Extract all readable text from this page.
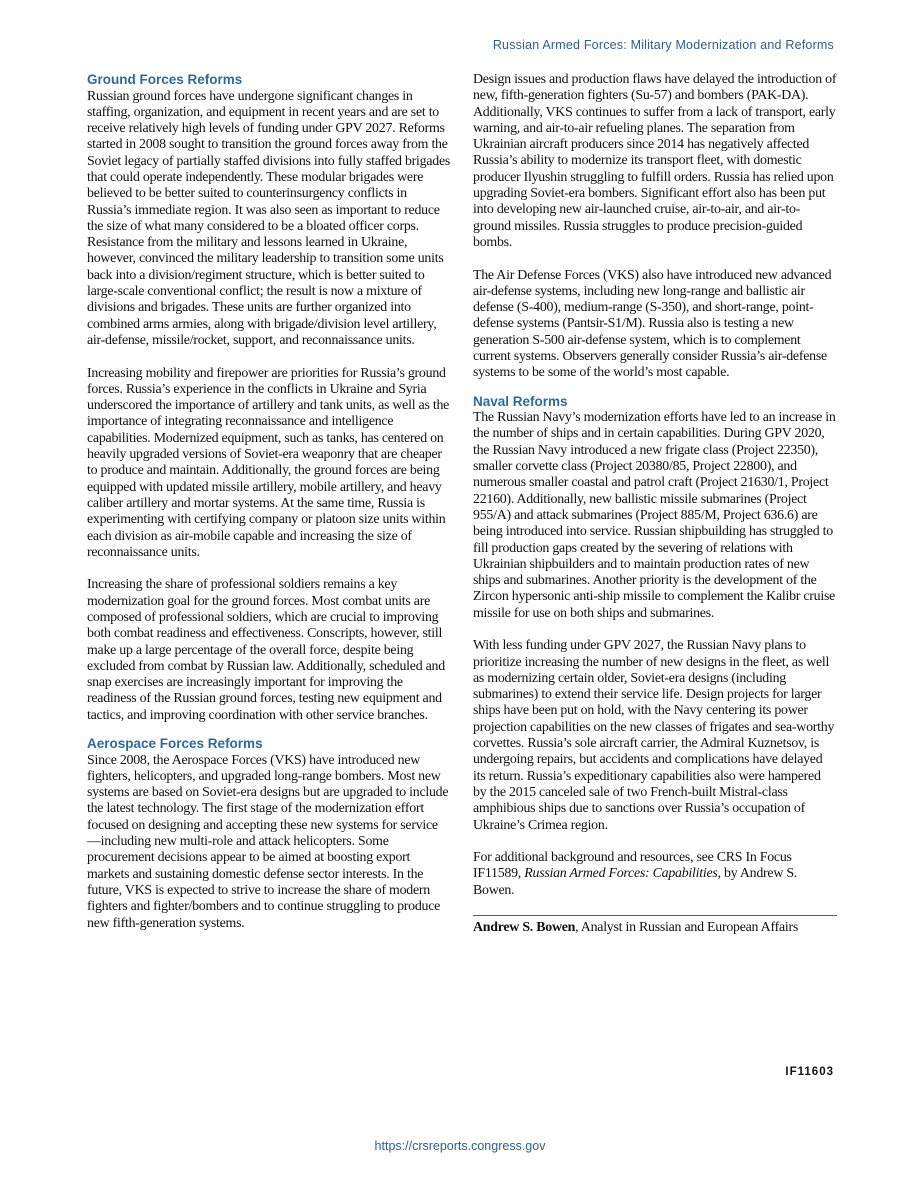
Russian Armed Forces: Military Modernization and Reforms
Ground Forces Reforms

Russian ground forces have undergone significant changes in staffing, organization, and equipment in recent years and are set to receive relatively high levels of funding under GPV 2027. Reforms started in 2008 sought to transition the ground forces away from the Soviet legacy of partially staffed divisions into fully staffed brigades that could operate independently. These modular brigades were believed to be better suited to counterinsurgency conflicts in Russia’s immediate region. It was also seen as important to reduce the size of what many considered to be a bloated officer corps. Resistance from the military and lessons learned in Ukraine, however, convinced the military leadership to transition some units back into a division/regiment structure, which is better suited to large-scale conventional conflict; the result is now a mixture of divisions and brigades. These units are further organized into combined arms armies, along with brigade/division level artillery, air-defense, missile/rocket, support, and reconnaissance units.

Increasing mobility and firepower are priorities for Russia’s ground forces. Russia’s experience in the conflicts in Ukraine and Syria underscored the importance of artillery and tank units, as well as the importance of integrating reconnaissance and intelligence capabilities. Modernized equipment, such as tanks, has centered on heavily upgraded versions of Soviet-era weaponry that are cheaper to produce and maintain. Additionally, the ground forces are being equipped with updated missile artillery, mobile artillery, and heavy caliber artillery and mortar systems. At the same time, Russia is experimenting with certifying company or platoon size units within each division as air-mobile capable and increasing the size of reconnaissance units.

Increasing the share of professional soldiers remains a key modernization goal for the ground forces. Most combat units are composed of professional soldiers, which are crucial to improving both combat readiness and effectiveness. Conscripts, however, still make up a large percentage of the overall force, despite being excluded from combat by Russian law. Additionally, scheduled and snap exercises are increasingly important for improving the readiness of the Russian ground forces, testing new equipment and tactics, and improving coordination with other service branches.

Aerospace Forces Reforms

Since 2008, the Aerospace Forces (VKS) have introduced new fighters, helicopters, and upgraded long-range bombers. Most new systems are based on Soviet-era designs but are upgraded to include the latest technology. The first stage of the modernization effort focused on designing and accepting these new systems for service—including new multi-role and attack helicopters. Some procurement decisions appear to be aimed at boosting export markets and sustaining domestic defense sector interests. In the future, VKS is expected to strive to increase the share of modern fighters and fighter/bombers and to continue struggling to produce new fifth-generation systems.

Design issues and production flaws have delayed the introduction of new, fifth-generation fighters (Su-57) and bombers (PAK-DA). Additionally, VKS continues to suffer from a lack of transport, early warning, and air-to-air refueling planes. The separation from Ukrainian aircraft producers since 2014 has negatively affected Russia’s ability to modernize its transport fleet, with domestic producer Ilyushin struggling to fulfill orders. Russia has relied upon upgrading Soviet-era bombers. Significant effort also has been put into developing new air-launched cruise, air-to-air, and air-to-ground missiles. Russia struggles to produce precision-guided bombs.

The Air Defense Forces (VKS) also have introduced new advanced air-defense systems, including new long-range and ballistic air defense (S-400), medium-range (S-350), and short-range, point-defense systems (Pantsir-S1/M). Russia also is testing a new generation S-500 air-defense system, which is to complement current systems. Observers generally consider Russia’s air-defense systems to be some of the world’s most capable.

Naval Reforms

The Russian Navy’s modernization efforts have led to an increase in the number of ships and in certain capabilities. During GPV 2020, the Russian Navy introduced a new frigate class (Project 22350), smaller corvette class (Project 20380/85, Project 22800), and numerous smaller coastal and patrol craft (Project 21630/1, Project 22160). Additionally, new ballistic missile submarines (Project 955/A) and attack submarines (Project 885/M, Project 636.6) are being introduced into service. Russian shipbuilding has struggled to fill production gaps created by the severing of relations with Ukrainian shipbuilders and to maintain production rates of new ships and submarines. Another priority is the development of the Zircon hypersonic anti-ship missile to complement the Kalibr cruise missile for use on both ships and submarines.

With less funding under GPV 2027, the Russian Navy plans to prioritize increasing the number of new designs in the fleet, as well as modernizing certain older, Soviet-era designs (including submarines) to extend their service life. Design projects for larger ships have been put on hold, with the Navy centering its power projection capabilities on the new classes of frigates and sea-worthy corvettes. Russia’s sole aircraft carrier, the Admiral Kuznetsov, is undergoing repairs, but accidents and complications have delayed its return. Russia’s expeditionary capabilities also were hampered by the 2015 canceled sale of two French-built Mistral-class amphibious ships due to sanctions over Russia’s occupation of Ukraine’s Crimea region.

For additional background and resources, see CRS In Focus IF11589, Russian Armed Forces: Capabilities, by Andrew S. Bowen.

Andrew S. Bowen, Analyst in Russian and European Affairs

IF11603
https://crsreports.congress.gov
